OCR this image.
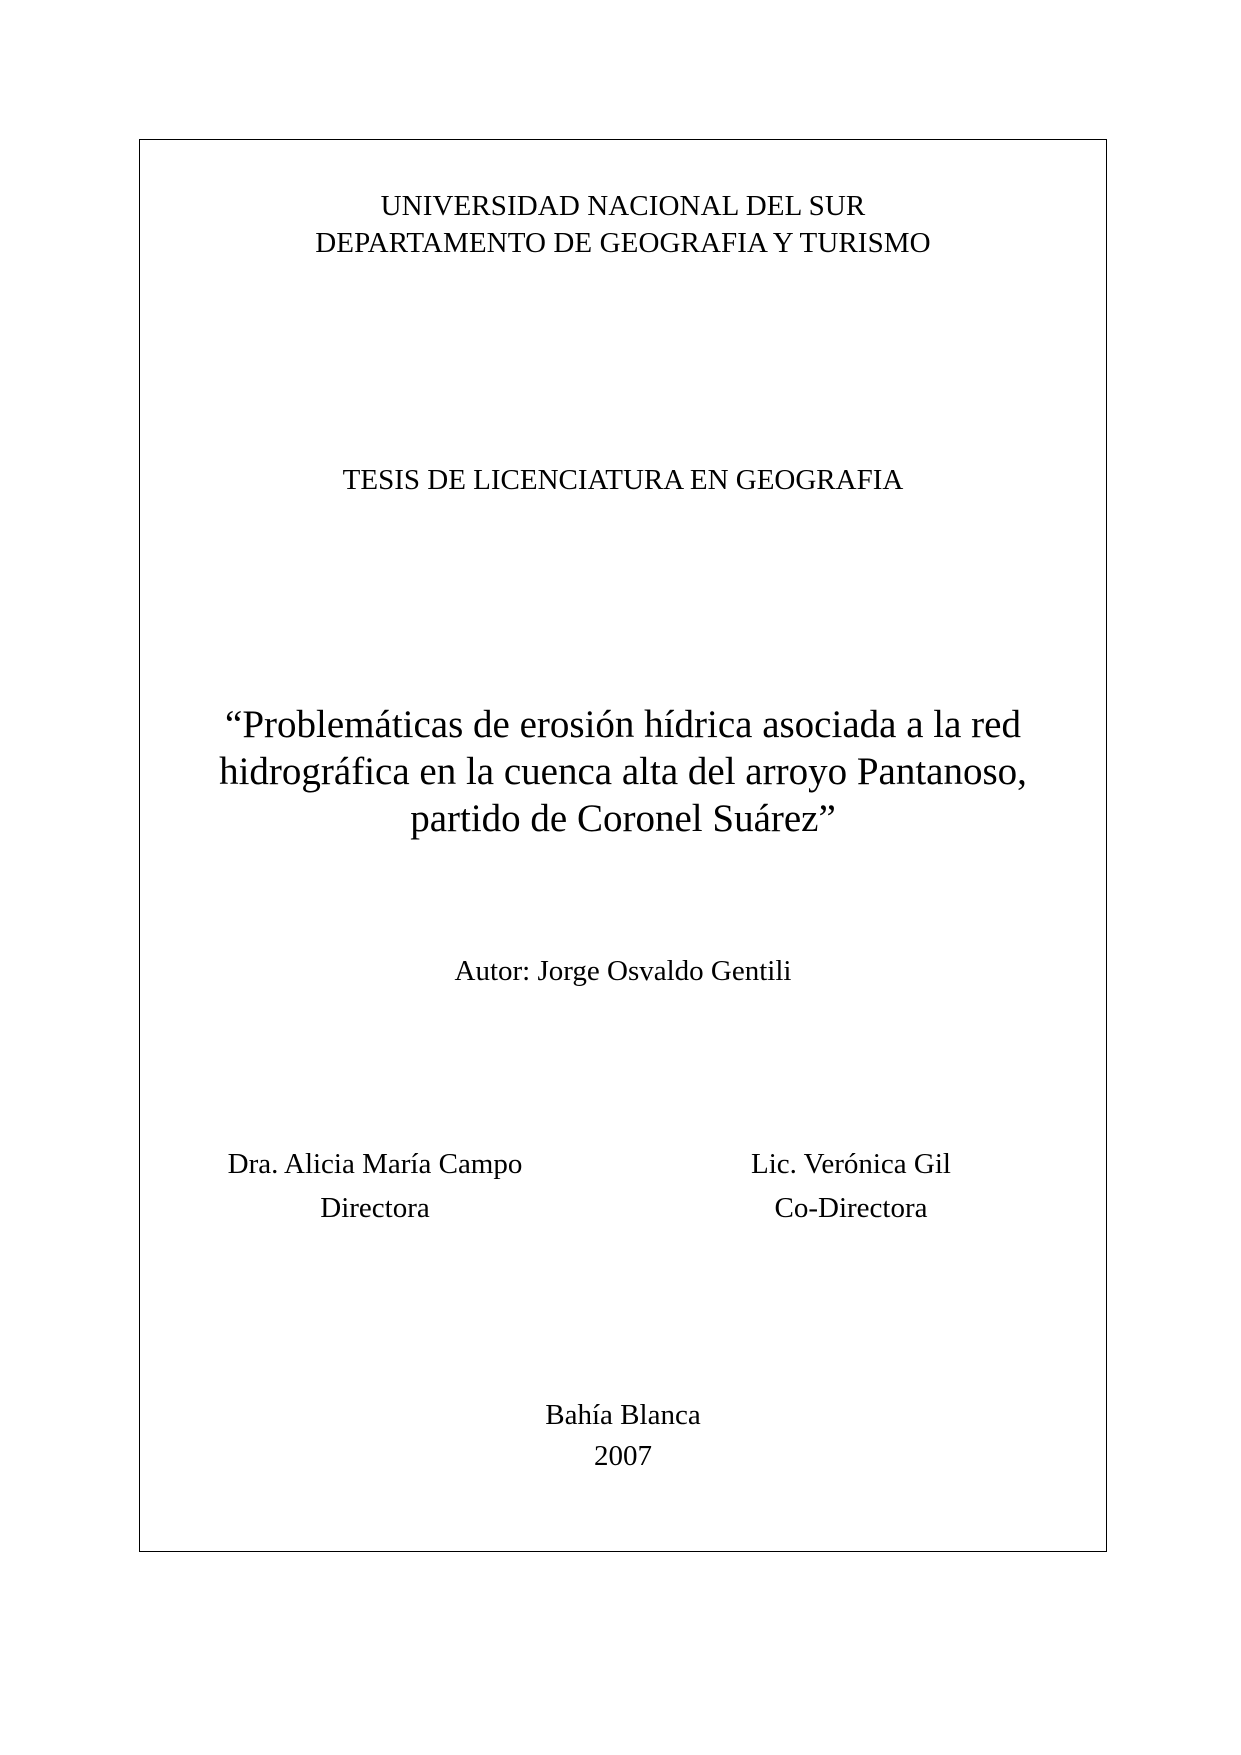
UNIVERSIDAD NACIONAL DEL SUR
DEPARTAMENTO DE GEOGRAFIA Y TURISMO
TESIS DE LICENCIATURA EN GEOGRAFIA
“Problemáticas de erosión hídrica asociada a la red
hidrográfica en la cuenca alta del arroyo Pantanoso,
partido de Coronel Suárez”
Autor: Jorge Osvaldo Gentili
Dra. Alicia María Campo
Directora
Lic. Verónica Gil
Co-Directora
Bahía Blanca
2007
